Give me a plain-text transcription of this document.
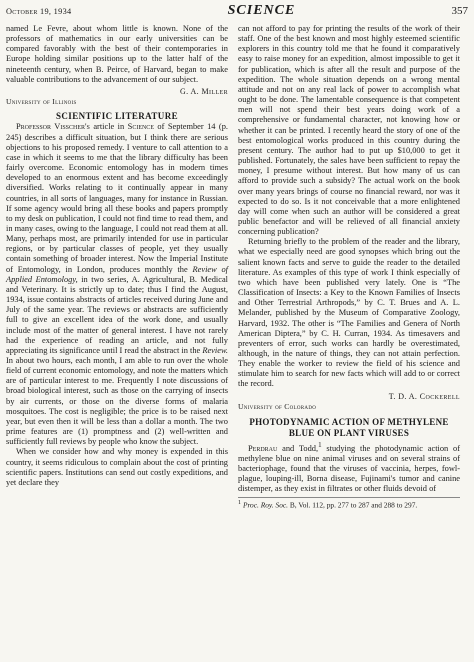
October 19, 1934	SCIENCE	357

named Le Fevre, about whom little is known. None of the professors of mathematics in our early universities can be compared favorably with the best of their contemporaries in Europe holding similar positions up to the latter half of the nineteenth century, when B. Peirce, of Harvard, began to make valuable contributions to the advancement of our subject.

G. A. Miller
University of Illinois
SCIENTIFIC LITERATURE

Professor Visscher's article in Science of September 14 (p. 245) describes a difficult situation, but I think there are serious objections to his proposed remedy. I venture to call attention to a case in which it seems to me that the library difficulty has been fairly overcome. Economic entomology has in modern times developed to an enormous extent and has become exceedingly diversified. Works relating to it continually appear in many countries, in all sorts of languages, many for instance in Russian. If some agency would bring all these books and papers promptly to my desk on publication, I could not find time to read them, and in many cases, owing to the language, I could not read them at all. Many, perhaps most, are primarily intended for use in particular regions, or by particular classes of people, yet they usually contain something of broader interest. Now the Imperial Institute of Entomology, in London, produces monthly the Review of Applied Entomology, in two series, A. Agricultural, B. Medical and Veterinary. It is strictly up to date; thus I find the August, 1934, issue contains abstracts of articles received during June and July of the same year. The reviews or abstracts are sufficiently full to give an excellent idea of the work done, and usually include most of the matter of general interest. I have not rarely had the experience of reading an article, and not fully appreciating its significance until I read the abstract in the Review. In about two hours, each month, I am able to run over the whole field of current economic entomology, and note the matters which are of particular interest to me. Frequently I note discussions of broad biological interest, such as those on the carrying of insects by air currents, or those on the diverse forms of malaria mosquitoes. The cost is negligible; the price is to be raised next year, but even then it will be less than a dollar a month. The two prime features are (1) promptness and (2) well-written and sufficiently full reviews by people who know the subject.

When we consider how and why money is expended in this country, it seems ridiculous to complain about the cost of printing scientific papers. Institutions can send out costly expeditions, and yet declare they

can not afford to pay for printing the results of the work of their staff. One of the best known and most highly esteemed scientific explorers in this country told me that he found it comparatively easy to raise money for an expedition, almost impossible to get it for publication, which is after all the result and purpose of the expedition. The whole situation depends on a wrong mental attitude and not on any real lack of power to accomplish what ought to be done. The lamentable consequence is that competent men will not spend their best years doing work of a comprehensive or fundamental character, not knowing how or whether it can be printed. I recently heard the story of one of the best entomological works produced in this country during the present century. The author had to put up $10,000 to get it published. Fortunately, the sales have been sufficient to repay the money, I presume without interest. But how many of us can afford to provide such a subsidy? The actual work on the book over many years brings of course no financial reward, nor was it expected to do so. Is it not conceivable that a more enlightened day will come when such an author will be considered a great public benefactor and will be relieved of all financial anxiety concerning publication?

Returning briefly to the problem of the reader and the library, what we especially need are good synopses which bring out the salient known facts and serve to guide the reader to the detailed literature. As examples of this type of work I think especially of two which have been published very lately. One is “The Classification of Insects: a Key to the Known Families of Insects and Other Terrestrial Arthropods,” by C. T. Brues and A. L. Melander, published by the Museum of Comparative Zoology, Harvard, 1932. The other is “The Families and Genera of North American Diptera,” by C. H. Curran, 1934. As timesavers and preventers of error, such works can hardly be overestimated, although, in the nature of things, they can not attain perfection. They enable the worker to review the field of his science and stimulate him to search for new facts which will add to or correct the record.

T. D. A. Cockerell
University of Colorado
PHOTODYNAMIC ACTION OF METHYLENE BLUE ON PLANT VIRUSES

Perdrau and Todd,$^1$ studying the photodynamic action of methylene blue on nine animal viruses and on several strains of bacteriophage, found that the viruses of vaccinia, herpes, fowl-plague, louping-ill, Borna disease, Fujinami's tumor and canine distemper, as they exist in filtrates or other fluids devoid of

$^1$ Proc. Roy. Soc. B, Vol. 112, pp. 277 to 287 and 288 to 297.
